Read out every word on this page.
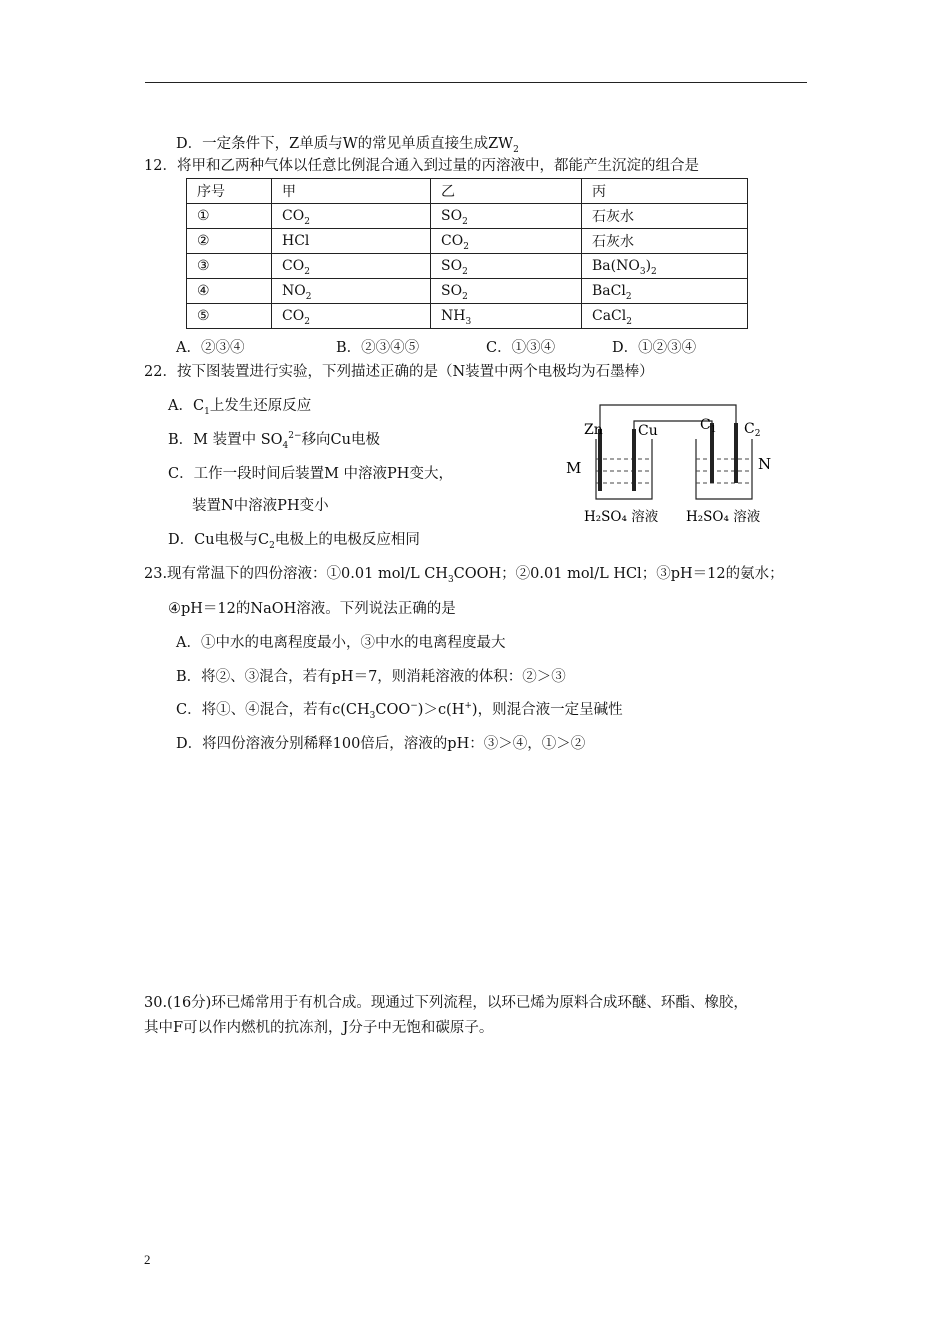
D．一定条件下，Z单质与W的常见单质直接生成$ZW_2$
12．将甲和乙两种气体以任意比例混合通入到过量的丙溶液中，都能产生沉淀的组合是
序号	甲	乙	丙
①	$CO_2$	$SO_2$	石灰水
②	HCl	$CO_2$	石灰水
③	$CO_2$	$SO_2$	$Ba(NO_3)_2$
④	$NO_2$	$SO_2$	BaCl$_2$
⑤	$CO_2$	$NH_3$	CaCl$_2$
A．②③④	B．②③④⑤	C．①③④	D．①②③④
22．按下图装置进行实验，下列描述正确的是（N装置中两个电极均为石墨棒）
A．$C_1$上发生还原反应
B．M 装置中 $SO_4^{2-}$移向Cu电极
C．工作一段时间后装置M 中溶液PH变大，
装置N中溶液PH变小
D．Cu电极与$C_2$电极上的电极反应相同
Zn	Cu	$C_1$ $C_2$
M	N
H₂SO₄ 溶液 H₂SO₄ 溶液
23.现有常温下的四份溶液：①0.01 mol/L $CH_3COOH$；②0.01 mol/L HCl；③pH＝12的氨水；
④pH＝12的NaOH溶液。下列说法正确的是
A．①中水的电离程度最小，③中水的电离程度最大
B．将②、③混合，若有pH＝7，则消耗溶液的体积：②＞③
C．将①、④混合，若有$c(CH_3COO^-)>c(H^+)$，则混合液一定呈碱性
D．将四份溶液分别稀释100倍后，溶液的pH：③＞④，①＞②
30.(16分)环已烯常用于有机合成。现通过下列流程，以环已烯为原料合成环醚、环酯、橡胶，
其中F可以作内燃机的抗冻剂，J分子中无饱和碳原子。
2
